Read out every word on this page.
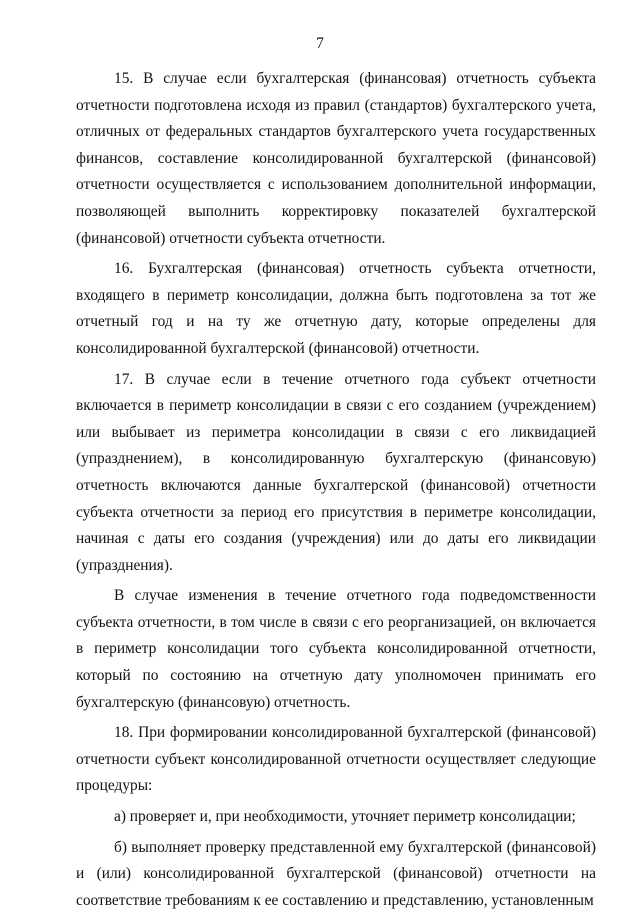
7

15. В случае если бухгалтерская (финансовая) отчетность субъекта отчетности подготовлена исходя из правил (стандартов) бухгалтерского учета, отличных от федеральных стандартов бухгалтерского учета государственных финансов, составление консолидированной бухгалтерской (финансовой) отчетности осуществляется с использованием дополнительной информации, позволяющей выполнить корректировку показателей бухгалтерской (финансовой) отчетности субъекта отчетности.

16. Бухгалтерская (финансовая) отчетность субъекта отчетности, входящего в периметр консолидации, должна быть подготовлена за тот же отчетный год и на ту же отчетную дату, которые определены для консолидированной бухгалтерской (финансовой) отчетности.

17. В случае если в течение отчетного года субъект отчетности включается в периметр консолидации в связи с его созданием (учреждением) или выбывает из периметра консолидации в связи с его ликвидацией (упразднением), в консолидированную бухгалтерскую (финансовую) отчетность включаются данные бухгалтерской (финансовой) отчетности субъекта отчетности за период его присутствия в периметре консолидации, начиная с даты его создания (учреждения) или до даты его ликвидации (упразднения).

В случае изменения в течение отчетного года подведомственности субъекта отчетности, в том числе в связи с его реорганизацией, он включается в периметр консолидации того субъекта консолидированной отчетности, который по состоянию на отчетную дату уполномочен принимать его бухгалтерскую (финансовую) отчетность.

18. При формировании консолидированной бухгалтерской (финансовой) отчетности субъект консолидированной отчетности осуществляет следующие процедуры:

а) проверяет и, при необходимости, уточняет периметр консолидации;

б) выполняет проверку представленной ему бухгалтерской (финансовой) и (или) консолидированной бухгалтерской (финансовой) отчетности на соответствие требованиям к ее составлению и представлению, установленным
